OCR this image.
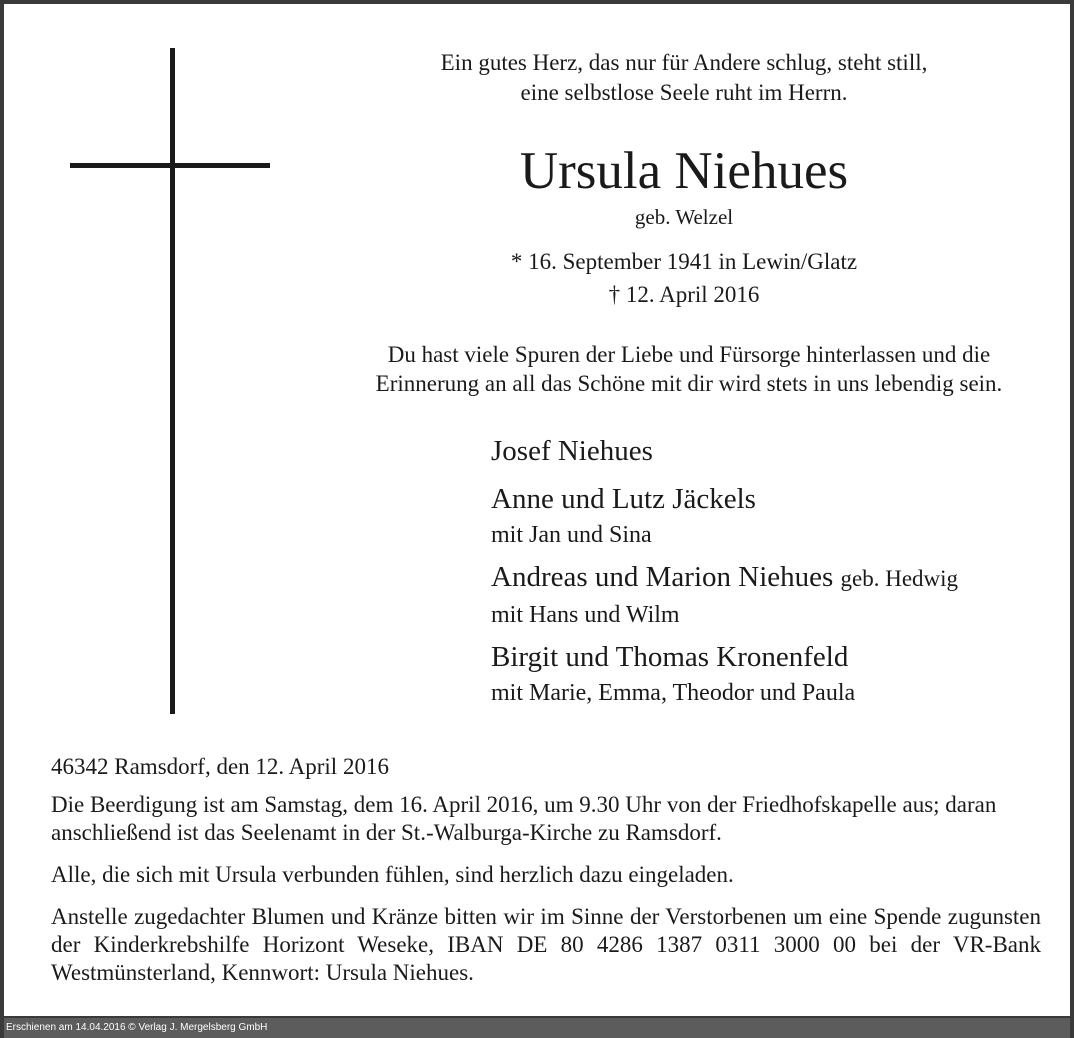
Ein gutes Herz, das nur für Andere schlug, steht still,
eine selbstlose Seele ruht im Herrn.
Ursula Niehues
geb. Welzel
* 16. September 1941 in Lewin/Glatz
† 12. April 2016
Du hast viele Spuren der Liebe und Fürsorge hinterlassen und die
Erinnerung an all das Schöne mit dir wird stets in uns lebendig sein.
Josef Niehues
Anne und Lutz Jäckels
mit Jan und Sina
Andreas und Marion Niehues geb. Hedwig
mit Hans und Wilm
Birgit und Thomas Kronenfeld
mit Marie, Emma, Theodor und Paula

46342 Ramsdorf, den 12. April 2016

Die Beerdigung ist am Samstag, dem 16. April 2016, um 9.30 Uhr von der Friedhofskapelle aus; daran anschließend ist das Seelenamt in der St.-Walburga-Kirche zu Ramsdorf.

Alle, die sich mit Ursula verbunden fühlen, sind herzlich dazu eingeladen.

Anstelle zugedachter Blumen und Kränze bitten wir im Sinne der Verstorbenen um eine Spende zugunsten der Kinderkrebshilfe Horizont Weseke, IBAN DE 80 4286 1387 0311 3000 00 bei der VR-Bank Westmünsterland, Kennwort: Ursula Niehues.

Erschienen am 14.04.2016 © Verlag J. Mergelsberg GmbH
